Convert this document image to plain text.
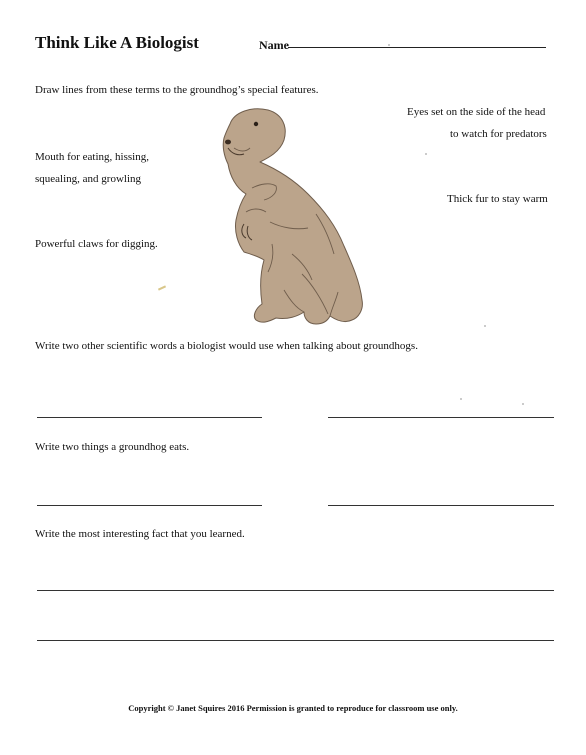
Think Like A Biologist	Name
Draw lines from these terms to the groundhog’s special features.
Eyes set on the side of the head
to watch for predators
Mouth for eating, hissing,
squealing, and growling
Thick fur to stay warm
Powerful claws for digging.
Write two other scientific words a biologist would use when talking about groundhogs.
Write two things a groundhog eats.
Write the most interesting fact that you learned.
Copyright © Janet Squires 2016 Permission is granted to reproduce for classroom use only.
